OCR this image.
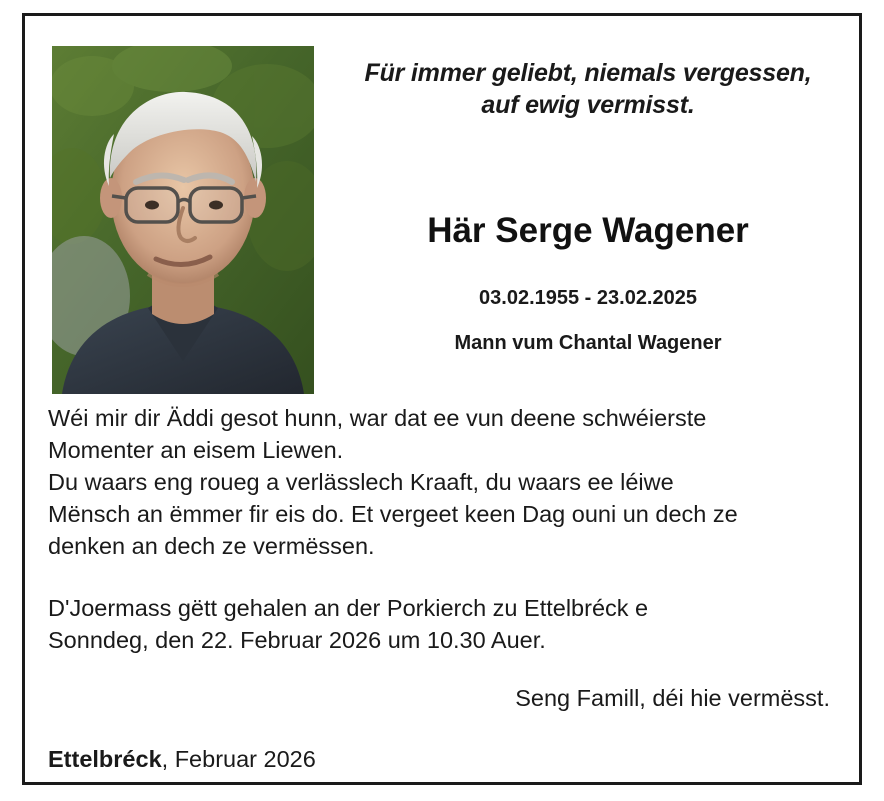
Für immer geliebt, niemals vergessen,
auf ewig vermisst.
Här Serge Wagener
03.02.1955 - 23.02.2025
Mann vum Chantal Wagener

Wéi mir dir Äddi gesot hunn, war dat ee vun deene schwéierste

Momenter an eisem Liewen.

Du waars eng roueg a verlässlech Kraaft, du waars ee léiwe

Mënsch an ëmmer fir eis do. Et vergeet keen Dag ouni un dech ze

denken an dech ze vermëssen.

D'Joermass gëtt gehalen an der Porkierch zu Ettelbréck e

Sonndeg, den 22. Februar 2026 um 10.30 Auer.

Seng Famill, déi hie vermësst.
Ettelbréck, Februar 2026
